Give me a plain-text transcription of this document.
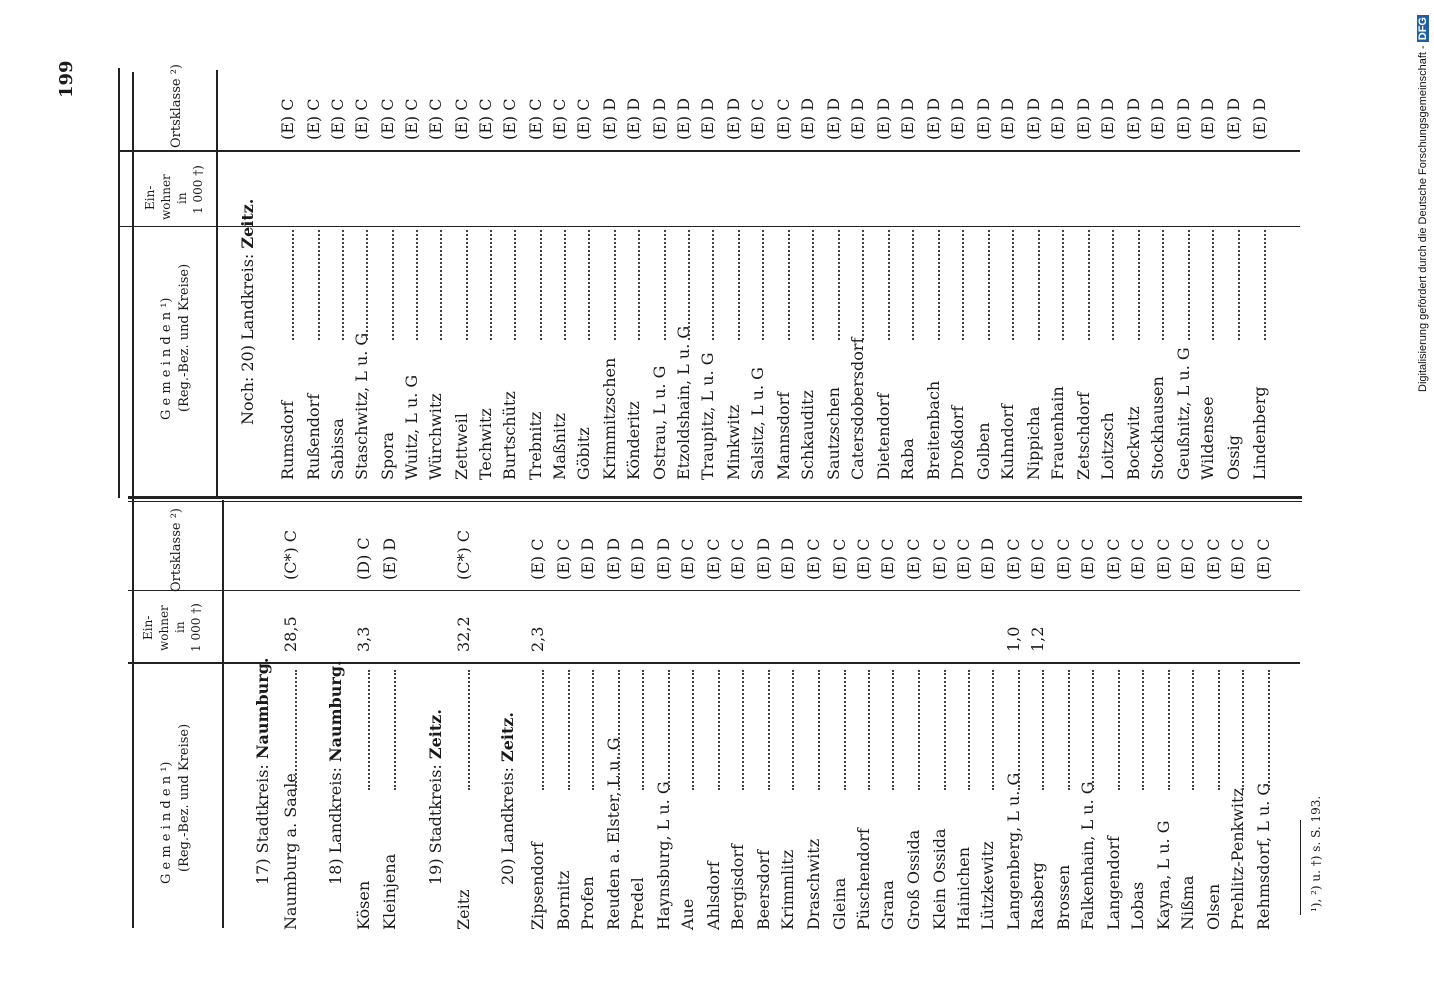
199
G e m e i n d e n ¹) (Reg.-Bez. und Kreise)
Ein- wohner in 1 000 †)
Ortsklasse ²)
G e m e i n d e n ¹) (Reg.-Bez. und Kreise)
Ein- wohner in 1 000 †)
Ortsklasse ²)
17) Stadtkreis: Naumburg.
Naumburg a. Saale
28,5
(C*) C
18) Landkreis: Naumburg.
Kösen
3,3
(D) C
Kleinjena
(E) D
19) Stadtkreis: Zeitz.
Zeitz
32,2
(C*) C
20) Landkreis: Zeitz.
Zipsendorf
2,3
(E) C
Bornitz
(E) C
Profen
(E) D
Reuden a. Elster, L u. G
(E) D
Predel
(E) D
Haynsburg, L u. G
(E) D
Aue
(E) C
Ahlsdorf
(E) C
Bergisdorf
(E) C
Beersdorf
(E) D
Krimmlitz
(E) D
Draschwitz
(E) C
Gleina
(E) C
Püschendorf
(E) C
Grana
(E) C
Groß Ossida
(E) C
Klein Ossida
(E) C
Hainichen
(E) C
Lützkewitz
(E) D
Langenberg, L u. G
1,0
(E) C
Rasberg
1,2
(E) C
Brossen
(E) C
Falkenhain, L u. G
(E) C
Langendorf
(E) C
Lobas
(E) C
Kayna, L u. G
(E) C
Nißma
(E) C
Olsen
(E) C
Prehlitz-Penkwitz
(E) C
Rehmsdorf, L u. G
(E) C
Noch: 20) Landkreis: Zeitz.
Rumsdorf
(E) C
Rußendorf
(E) C
Sabissa
(E) C
Staschwitz, L u. G
(E) C
Spora
(E) C
Wuitz, L u. G
(E) C
Würchwitz
(E) C
Zettweil
(E) C
Techwitz
(E) C
Burtschütz
(E) C
Trebnitz
(E) C
Maßnitz
(E) C
Göbitz
(E) C
Krimmitzschen
(E) D
Könderitz
(E) D
Ostrau, L u. G
(E) D
Etzoldshain, L u. G
(E) D
Traupitz, L u. G
(E) D
Minkwitz
(E) D
Salsitz, L u. G
(E) C
Mannsdorf
(E) C
Schkauditz
(E) D
Sautzschen
(E) D
Catersdobersdorf
(E) D
Dietendorf
(E) D
Raba
(E) D
Breitenbach
(E) D
Droßdorf
(E) D
Golben
(E) D
Kuhndorf
(E) D
Nippicha
(E) D
Frauenhain
(E) D
Zetschdorf
(E) D
Loitzsch
(E) D
Bockwitz
(E) D
Stockhausen
(E) D
Geußnitz, L u. G
(E) D
Wildensee
(E) D
Ossig
(E) D
Lindenberg
(E) D
¹), ²) u. †) s. S. 193.
Digitalisierung gefördert durch die Deutsche Forschungsgemeinschaft - DFG
